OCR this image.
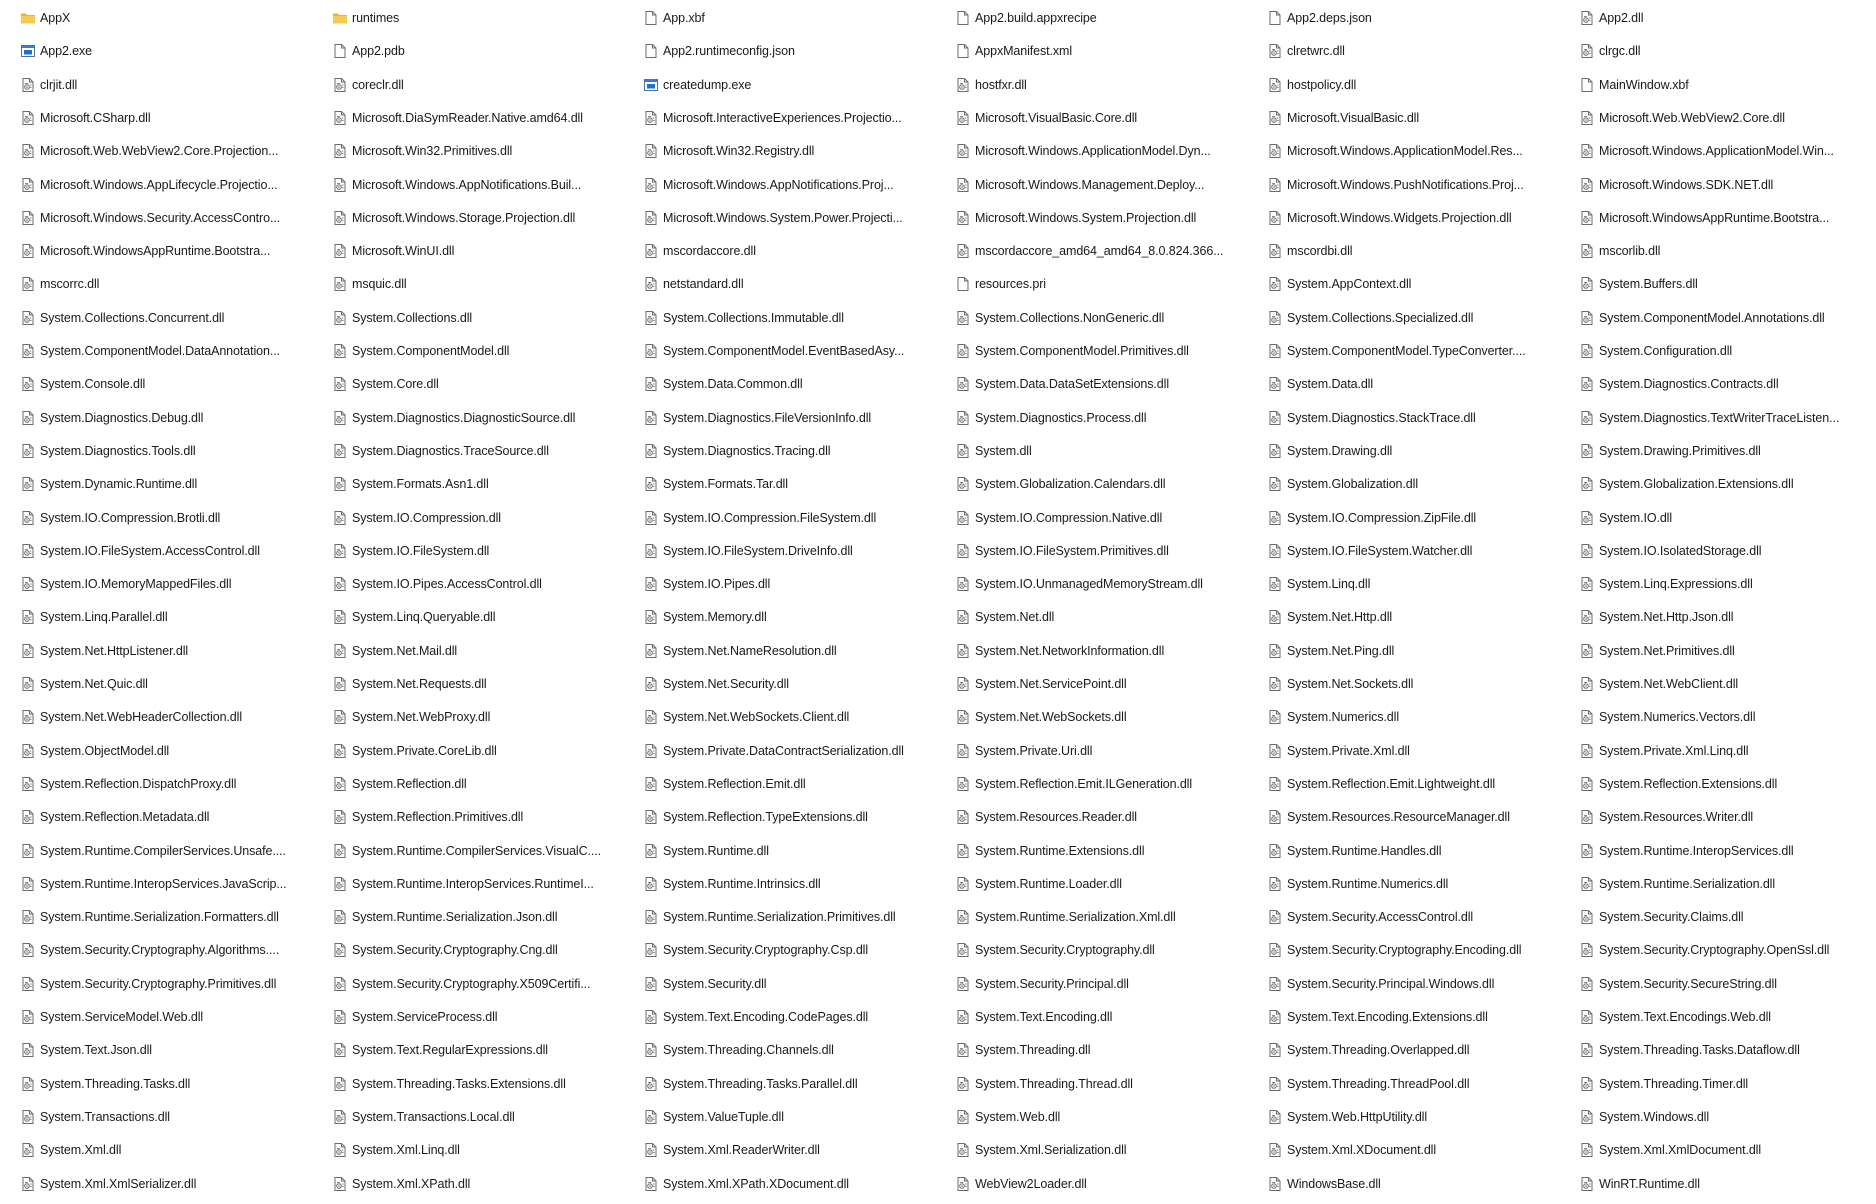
AppX	runtimes	App.xbf	App2.build.appxrecipe	App2.deps.json	App2.dll
App2.exe	App2.pdb	App2.runtimeconfig.json	AppxManifest.xml	clretwrc.dll	clrgc.dll
clrjit.dll	coreclr.dll	createdump.exe	hostfxr.dll	hostpolicy.dll	MainWindow.xbf
Microsoft.CSharp.dll	Microsoft.DiaSymReader.Native.amd64.dll	Microsoft.InteractiveExperiences.Projectio...	Microsoft.VisualBasic.Core.dll	Microsoft.VisualBasic.dll	Microsoft.Web.WebView2.Core.dll
Microsoft.Web.WebView2.Core.Projection...	Microsoft.Win32.Primitives.dll	Microsoft.Win32.Registry.dll	Microsoft.Windows.ApplicationModel.Dyn...	Microsoft.Windows.ApplicationModel.Res...	Microsoft.Windows.ApplicationModel.Win...
Microsoft.Windows.AppLifecycle.Projectio...	Microsoft.Windows.AppNotifications.Buil...	Microsoft.Windows.AppNotifications.Proj...	Microsoft.Windows.Management.Deploy...	Microsoft.Windows.PushNotifications.Proj...	Microsoft.Windows.SDK.NET.dll
Microsoft.Windows.Security.AccessContro...	Microsoft.Windows.Storage.Projection.dll	Microsoft.Windows.System.Power.Projecti...	Microsoft.Windows.System.Projection.dll	Microsoft.Windows.Widgets.Projection.dll	Microsoft.WindowsAppRuntime.Bootstra...
Microsoft.WindowsAppRuntime.Bootstra...	Microsoft.WinUI.dll	mscordaccore.dll	mscordaccore_amd64_amd64_8.0.824.366...	mscordbi.dll	mscorlib.dll
mscorrc.dll	msquic.dll	netstandard.dll	resources.pri	System.AppContext.dll	System.Buffers.dll
System.Collections.Concurrent.dll	System.Collections.dll	System.Collections.Immutable.dll	System.Collections.NonGeneric.dll	System.Collections.Specialized.dll	System.ComponentModel.Annotations.dll
System.ComponentModel.DataAnnotation...	System.ComponentModel.dll	System.ComponentModel.EventBasedAsy...	System.ComponentModel.Primitives.dll	System.ComponentModel.TypeConverter....	System.Configuration.dll
System.Console.dll	System.Core.dll	System.Data.Common.dll	System.Data.DataSetExtensions.dll	System.Data.dll	System.Diagnostics.Contracts.dll
System.Diagnostics.Debug.dll	System.Diagnostics.DiagnosticSource.dll	System.Diagnostics.FileVersionInfo.dll	System.Diagnostics.Process.dll	System.Diagnostics.StackTrace.dll	System.Diagnostics.TextWriterTraceListen...
System.Diagnostics.Tools.dll	System.Diagnostics.TraceSource.dll	System.Diagnostics.Tracing.dll	System.dll	System.Drawing.dll	System.Drawing.Primitives.dll
System.Dynamic.Runtime.dll	System.Formats.Asn1.dll	System.Formats.Tar.dll	System.Globalization.Calendars.dll	System.Globalization.dll	System.Globalization.Extensions.dll
System.IO.Compression.Brotli.dll	System.IO.Compression.dll	System.IO.Compression.FileSystem.dll	System.IO.Compression.Native.dll	System.IO.Compression.ZipFile.dll	System.IO.dll
System.IO.FileSystem.AccessControl.dll	System.IO.FileSystem.dll	System.IO.FileSystem.DriveInfo.dll	System.IO.FileSystem.Primitives.dll	System.IO.FileSystem.Watcher.dll	System.IO.IsolatedStorage.dll
System.IO.MemoryMappedFiles.dll	System.IO.Pipes.AccessControl.dll	System.IO.Pipes.dll	System.IO.UnmanagedMemoryStream.dll	System.Linq.dll	System.Linq.Expressions.dll
System.Linq.Parallel.dll	System.Linq.Queryable.dll	System.Memory.dll	System.Net.dll	System.Net.Http.dll	System.Net.Http.Json.dll
System.Net.HttpListener.dll	System.Net.Mail.dll	System.Net.NameResolution.dll	System.Net.NetworkInformation.dll	System.Net.Ping.dll	System.Net.Primitives.dll
System.Net.Quic.dll	System.Net.Requests.dll	System.Net.Security.dll	System.Net.ServicePoint.dll	System.Net.Sockets.dll	System.Net.WebClient.dll
System.Net.WebHeaderCollection.dll	System.Net.WebProxy.dll	System.Net.WebSockets.Client.dll	System.Net.WebSockets.dll	System.Numerics.dll	System.Numerics.Vectors.dll
System.ObjectModel.dll	System.Private.CoreLib.dll	System.Private.DataContractSerialization.dll	System.Private.Uri.dll	System.Private.Xml.dll	System.Private.Xml.Linq.dll
System.Reflection.DispatchProxy.dll	System.Reflection.dll	System.Reflection.Emit.dll	System.Reflection.Emit.ILGeneration.dll	System.Reflection.Emit.Lightweight.dll	System.Reflection.Extensions.dll
System.Reflection.Metadata.dll	System.Reflection.Primitives.dll	System.Reflection.TypeExtensions.dll	System.Resources.Reader.dll	System.Resources.ResourceManager.dll	System.Resources.Writer.dll
System.Runtime.CompilerServices.Unsafe....	System.Runtime.CompilerServices.VisualC....	System.Runtime.dll	System.Runtime.Extensions.dll	System.Runtime.Handles.dll	System.Runtime.InteropServices.dll
System.Runtime.InteropServices.JavaScrip...	System.Runtime.InteropServices.RuntimeI...	System.Runtime.Intrinsics.dll	System.Runtime.Loader.dll	System.Runtime.Numerics.dll	System.Runtime.Serialization.dll
System.Runtime.Serialization.Formatters.dll	System.Runtime.Serialization.Json.dll	System.Runtime.Serialization.Primitives.dll	System.Runtime.Serialization.Xml.dll	System.Security.AccessControl.dll	System.Security.Claims.dll
System.Security.Cryptography.Algorithms....	System.Security.Cryptography.Cng.dll	System.Security.Cryptography.Csp.dll	System.Security.Cryptography.dll	System.Security.Cryptography.Encoding.dll	System.Security.Cryptography.OpenSsl.dll
System.Security.Cryptography.Primitives.dll	System.Security.Cryptography.X509Certifi...	System.Security.dll	System.Security.Principal.dll	System.Security.Principal.Windows.dll	System.Security.SecureString.dll
System.ServiceModel.Web.dll	System.ServiceProcess.dll	System.Text.Encoding.CodePages.dll	System.Text.Encoding.dll	System.Text.Encoding.Extensions.dll	System.Text.Encodings.Web.dll
System.Text.Json.dll	System.Text.RegularExpressions.dll	System.Threading.Channels.dll	System.Threading.dll	System.Threading.Overlapped.dll	System.Threading.Tasks.Dataflow.dll
System.Threading.Tasks.dll	System.Threading.Tasks.Extensions.dll	System.Threading.Tasks.Parallel.dll	System.Threading.Thread.dll	System.Threading.ThreadPool.dll	System.Threading.Timer.dll
System.Transactions.dll	System.Transactions.Local.dll	System.ValueTuple.dll	System.Web.dll	System.Web.HttpUtility.dll	System.Windows.dll
System.Xml.dll	System.Xml.Linq.dll	System.Xml.ReaderWriter.dll	System.Xml.Serialization.dll	System.Xml.XDocument.dll	System.Xml.XmlDocument.dll
System.Xml.XmlSerializer.dll	System.Xml.XPath.dll	System.Xml.XPath.XDocument.dll	WebView2Loader.dll	WindowsBase.dll	WinRT.Runtime.dll
